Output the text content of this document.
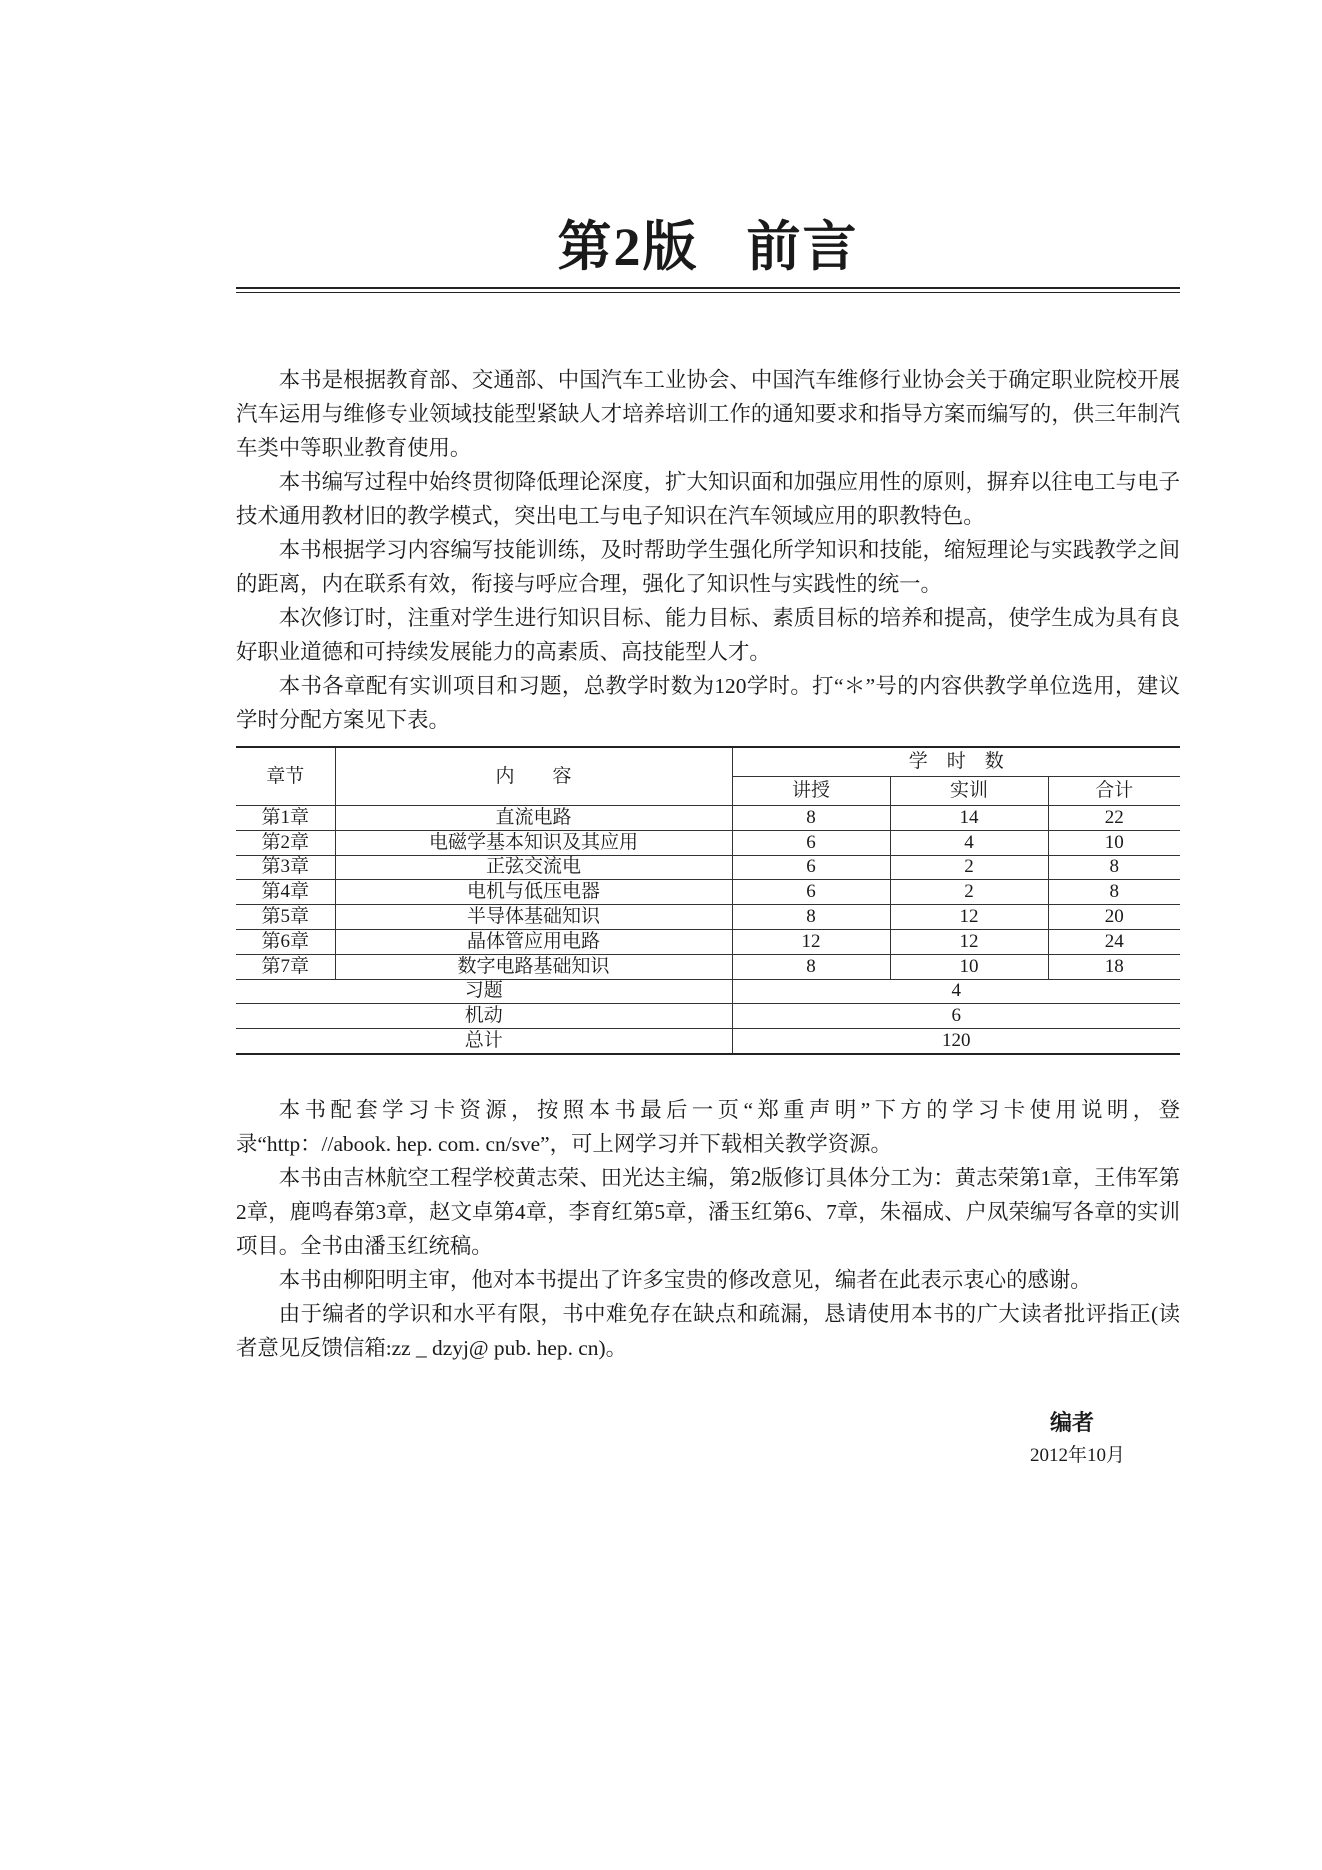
第2版 前言

本书是根据教育部、交通部、中国汽车工业协会、中国汽车维修行业协会关于确定职业院校开展汽车运用与维修专业领域技能型紧缺人才培养培训工作的通知要求和指导方案而编写的，供三年制汽车类中等职业教育使用。

本书编写过程中始终贯彻降低理论深度，扩大知识面和加强应用性的原则，摒弃以往电工与电子技术通用教材旧的教学模式，突出电工与电子知识在汽车领域应用的职教特色。

本书根据学习内容编写技能训练，及时帮助学生强化所学知识和技能，缩短理论与实践教学之间的距离，内在联系有效，衔接与呼应合理，强化了知识性与实践性的统一。

本次修订时，注重对学生进行知识目标、能力目标、素质目标的培养和提高，使学生成为具有良好职业道德和可持续发展能力的高素质、高技能型人才。

本书各章配有实训项目和习题，总教学时数为120学时。打“＊”号的内容供教学单位选用，建议学时分配方案见下表。

章节	内　　容	学　时　数		
		讲授	实训	合计
第1章	直流电路	8	14	22
第2章	电磁学基本知识及其应用	6	4	10
第3章	正弦交流电	6	2	8
第4章	电机与低压电器	6	2	8
第5章	半导体基础知识	8	12	20
第6章	晶体管应用电路	12	12	24
第7章	数字电路基础知识	8	10	18
习题		4		
机动		6		
总计		120		

本书配套学习卡资源，按照本书最后一页“郑重声明”下方的学习卡使用说明，登录“http：//abook. hep. com. cn/sve”，可上网学习并下载相关教学资源。

本书由吉林航空工程学校黄志荣、田光达主编，第2版修订具体分工为：黄志荣第1章，王伟军第2章，鹿鸣春第3章，赵文卓第4章，李育红第5章，潘玉红第6、7章，朱福成、户凤荣编写各章的实训项目。全书由潘玉红统稿。

本书由柳阳明主审，他对本书提出了许多宝贵的修改意见，编者在此表示衷心的感谢。

由于编者的学识和水平有限，书中难免存在缺点和疏漏，恳请使用本书的广大读者批评指正(读者意见反馈信箱:zz _ dzyj@ pub. hep. cn)。

编者
2012年10月
